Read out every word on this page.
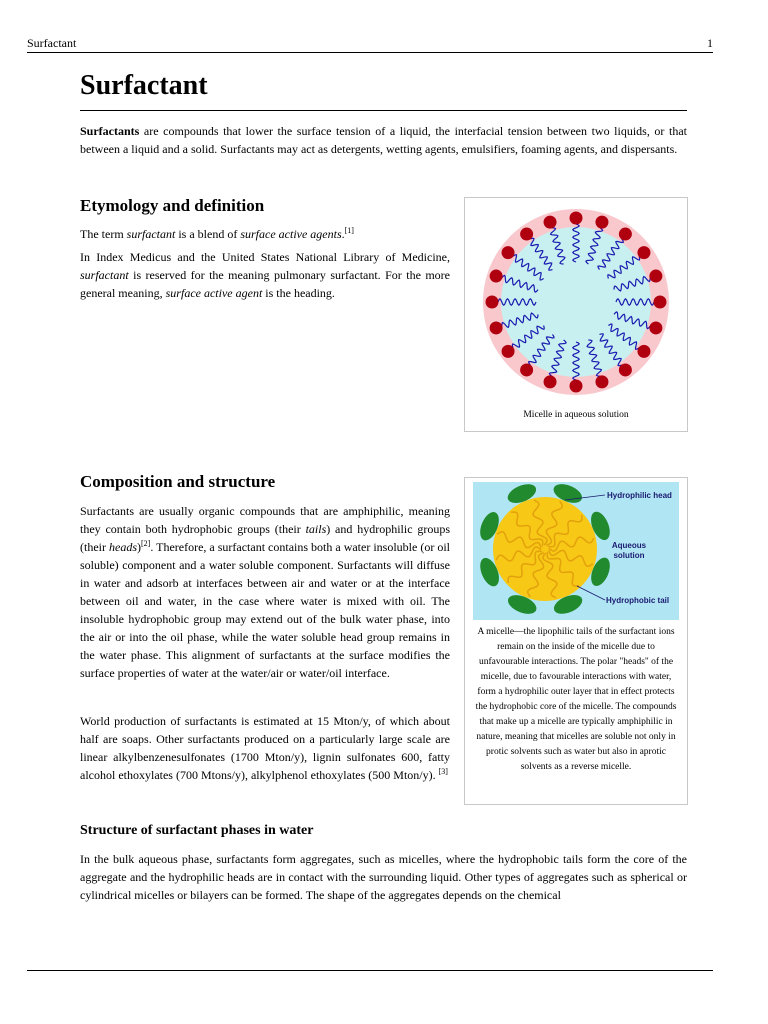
Surfactant	1
Surfactant

Surfactants are compounds that lower the surface tension of a liquid, the interfacial tension between two liquids, or that between a liquid and a solid. Surfactants may act as detergents, wetting agents, emulsifiers, foaming agents, and dispersants.

Etymology and definition

The term surfactant is a blend of surface active agents.[1]

In Index Medicus and the United States National Library of Medicine, surfactant is reserved for the meaning pulmonary surfactant. For the more general meaning, surface active agent is the heading.

Micelle in aqueous solution
Composition and structure

Surfactants are usually organic compounds that are amphiphilic, meaning they contain both hydrophobic groups (their tails) and hydrophilic groups (their heads)[2]. Therefore, a surfactant contains both a water insoluble (or oil soluble) component and a water soluble component. Surfactants will diffuse in water and adsorb at interfaces between air and water or at the interface between oil and water, in the case where water is mixed with oil. The insoluble hydrophobic group may extend out of the bulk water phase, into the air or into the oil phase, while the water soluble head group remains in the water phase. This alignment of surfactants at the surface modifies the surface properties of water at the water/air or water/oil interface.

World production of surfactants is estimated at 15 Mton/y, of which about half are soaps. Other surfactants produced on a particularly large scale are linear alkylbenzenesulfonates (1700 Mton/y), lignin sulfonates 600, fatty alcohol ethoxylates (700 Mtons/y), alkylphenol ethoxylates (500 Mton/y). [3]

Hydrophilic head
Aqueous
solution
Hydrophobic tail
A micelle—the lipophilic tails of the surfactant ions remain on the inside of the micelle due to unfavourable interactions. The polar "heads" of the micelle, due to favourable interactions with water, form a hydrophilic outer layer that in effect protects the hydrophobic core of the micelle. The compounds that make up a micelle are typically amphiphilic in nature, meaning that micelles are soluble not only in protic solvents such as water but also in aprotic solvents as a reverse micelle.
Structure of surfactant phases in water

In the bulk aqueous phase, surfactants form aggregates, such as micelles, where the hydrophobic tails form the core of the aggregate and the hydrophilic heads are in contact with the surrounding liquid. Other types of aggregates such as spherical or cylindrical micelles or bilayers can be formed. The shape of the aggregates depends on the chemical
